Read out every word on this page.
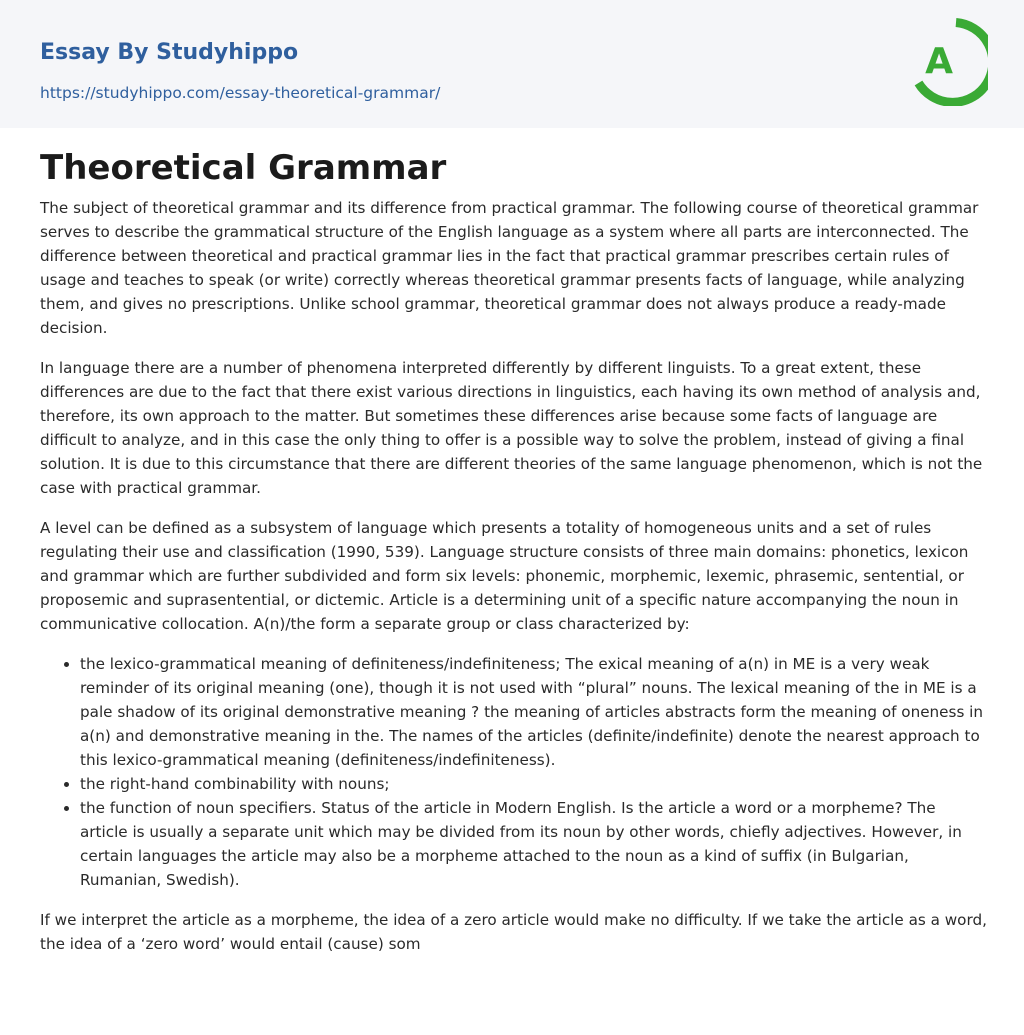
Essay By Studyhippo
https://studyhippo.com/essay-theoretical-grammar/
A
Theoretical Grammar

The subject of theoretical grammar and its difference from practical grammar. The following course of theoretical grammar serves to describe the grammatical structure of the English language as a system where all parts are interconnected. The difference between theoretical and practical grammar lies in the fact that practical grammar prescribes certain rules of usage and teaches to speak (or write) correctly whereas theoretical grammar presents facts of language, while analyzing them, and gives no prescriptions. Unlike school grammar, theoretical grammar does not always produce a ready-made decision.

In language there are a number of phenomena interpreted differently by different linguists. To a great extent, these differences are due to the fact that there exist various directions in linguistics, each having its own method of analysis and, therefore, its own approach to the matter. But sometimes these differences arise because some facts of language are difficult to analyze, and in this case the only thing to offer is a possible way to solve the problem, instead of giving a final solution. It is due to this circumstance that there are different theories of the same language phenomenon, which is not the case with practical grammar.

A level can be defined as a subsystem of language which presents a totality of homogeneous units and a set of rules regulating their use and classification (1990, 539). Language structure consists of three main domains: phonetics, lexicon and grammar which are further subdivided and form six levels: phonemic, morphemic, lexemic, phrasemic, sentential, or proposemic and suprasentential, or dictemic. Article is a determining unit of a specific nature accompanying the noun in communicative collocation. A(n)/the form a separate group or class characterized by:

• the lexico-grammatical meaning of definiteness/indefiniteness; The exical meaning of a(n) in ME is a very weak reminder of its original meaning (one), though it is not used with “plural” nouns. The lexical meaning of the in ME is a pale shadow of its original demonstrative meaning ? the meaning of articles abstracts form the meaning of oneness in a(n) and demonstrative meaning in the. The names of the articles (definite/indefinite) denote the nearest approach to this lexico-grammatical meaning (definiteness/indefiniteness).
• the right-hand combinability with nouns;
• the function of noun specifiers. Status of the article in Modern English. Is the article a word or a morpheme? The article is usually a separate unit which may be divided from its noun by other words, chiefly adjectives. However, in certain languages the article may also be a morpheme attached to the noun as a kind of suffix (in Bulgarian, Rumanian, Swedish).

If we interpret the article as a morpheme, the idea of a zero article would make no difficulty. If we take the article as a word, the idea of a ‘zero word’ would entail (cause) som
